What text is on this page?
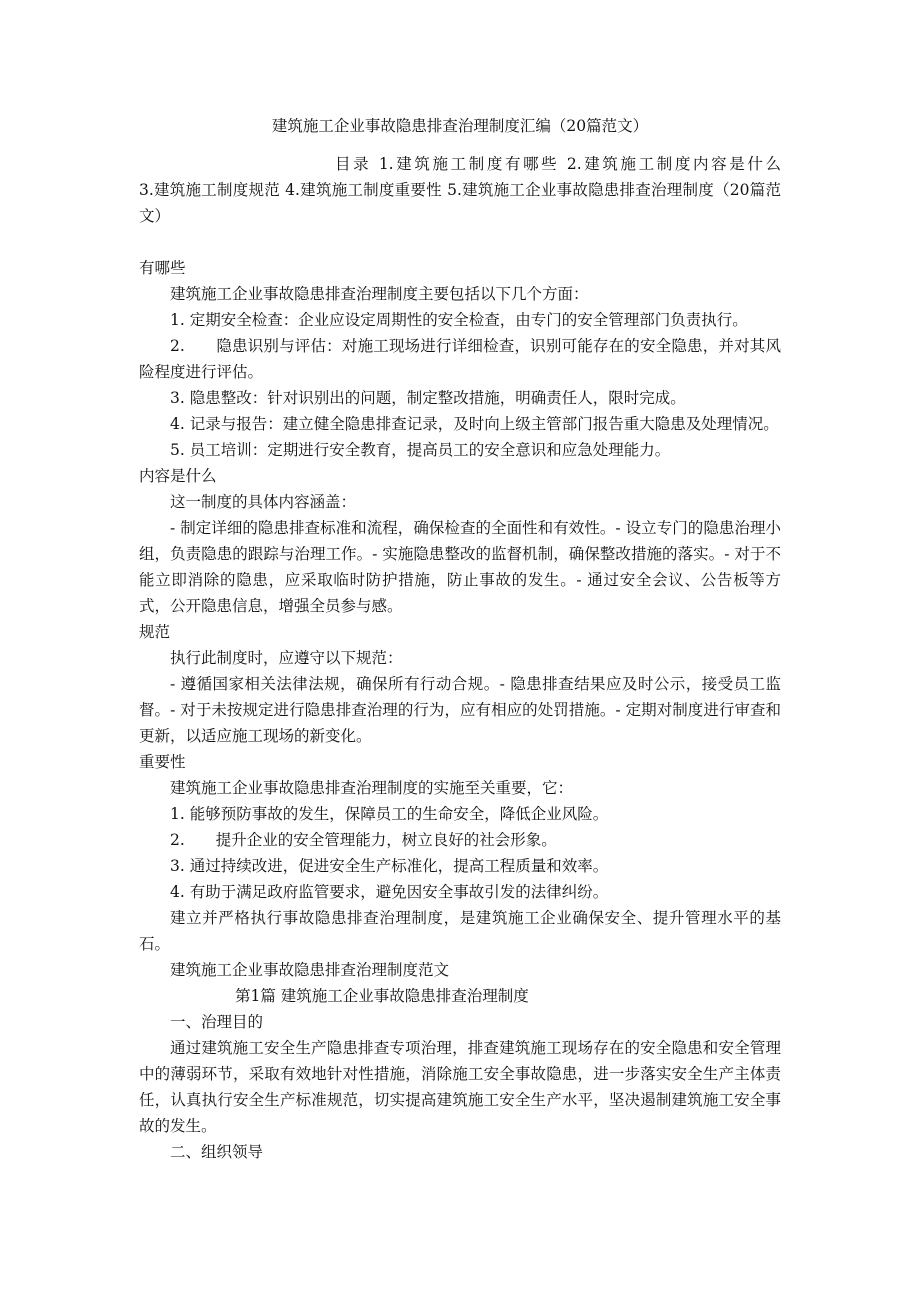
建筑施工企业事故隐患排查治理制度汇编（20篇范文）

目录 1.建筑施工制度有哪些 2.建筑施工制度内容是什么 3.建筑施工制度规范 4.建筑施工制度重要性 5.建筑施工企业事故隐患排查治理制度（20篇范文）

有哪些

建筑施工企业事故隐患排查治理制度主要包括以下几个方面：

1. 定期安全检查：企业应设定周期性的安全检查，由专门的安全管理部门负责执行。

2.　　隐患识别与评估：对施工现场进行详细检查，识别可能存在的安全隐患，并对其风险程度进行评估。

3. 隐患整改：针对识别出的问题，制定整改措施，明确责任人，限时完成。

4. 记录与报告：建立健全隐患排查记录，及时向上级主管部门报告重大隐患及处理情况。

5. 员工培训：定期进行安全教育，提高员工的安全意识和应急处理能力。

内容是什么

这一制度的具体内容涵盖：

- 制定详细的隐患排查标准和流程，确保检查的全面性和有效性。- 设立专门的隐患治理小组，负责隐患的跟踪与治理工作。- 实施隐患整改的监督机制，确保整改措施的落实。- 对于不能立即消除的隐患，应采取临时防护措施，防止事故的发生。- 通过安全会议、公告板等方式，公开隐患信息，增强全员参与感。

规范

执行此制度时，应遵守以下规范：

- 遵循国家相关法律法规，确保所有行动合规。- 隐患排查结果应及时公示，接受员工监督。- 对于未按规定进行隐患排查治理的行为，应有相应的处罚措施。- 定期对制度进行审查和更新，以适应施工现场的新变化。

重要性

建筑施工企业事故隐患排查治理制度的实施至关重要，它：

1. 能够预防事故的发生，保障员工的生命安全，降低企业风险。

2.　　提升企业的安全管理能力，树立良好的社会形象。

3. 通过持续改进，促进安全生产标准化，提高工程质量和效率。

4. 有助于满足政府监管要求，避免因安全事故引发的法律纠纷。

建立并严格执行事故隐患排查治理制度，是建筑施工企业确保安全、提升管理水平的基石。

建筑施工企业事故隐患排查治理制度范文

第1篇 建筑施工企业事故隐患排查治理制度

一、治理目的

通过建筑施工安全生产隐患排查专项治理，排查建筑施工现场存在的安全隐患和安全管理中的薄弱环节，采取有效地针对性措施，消除施工安全事故隐患，进一步落实安全生产主体责任，认真执行安全生产标准规范，切实提高建筑施工安全生产水平，坚决遏制建筑施工安全事故的发生。

二、组织领导
